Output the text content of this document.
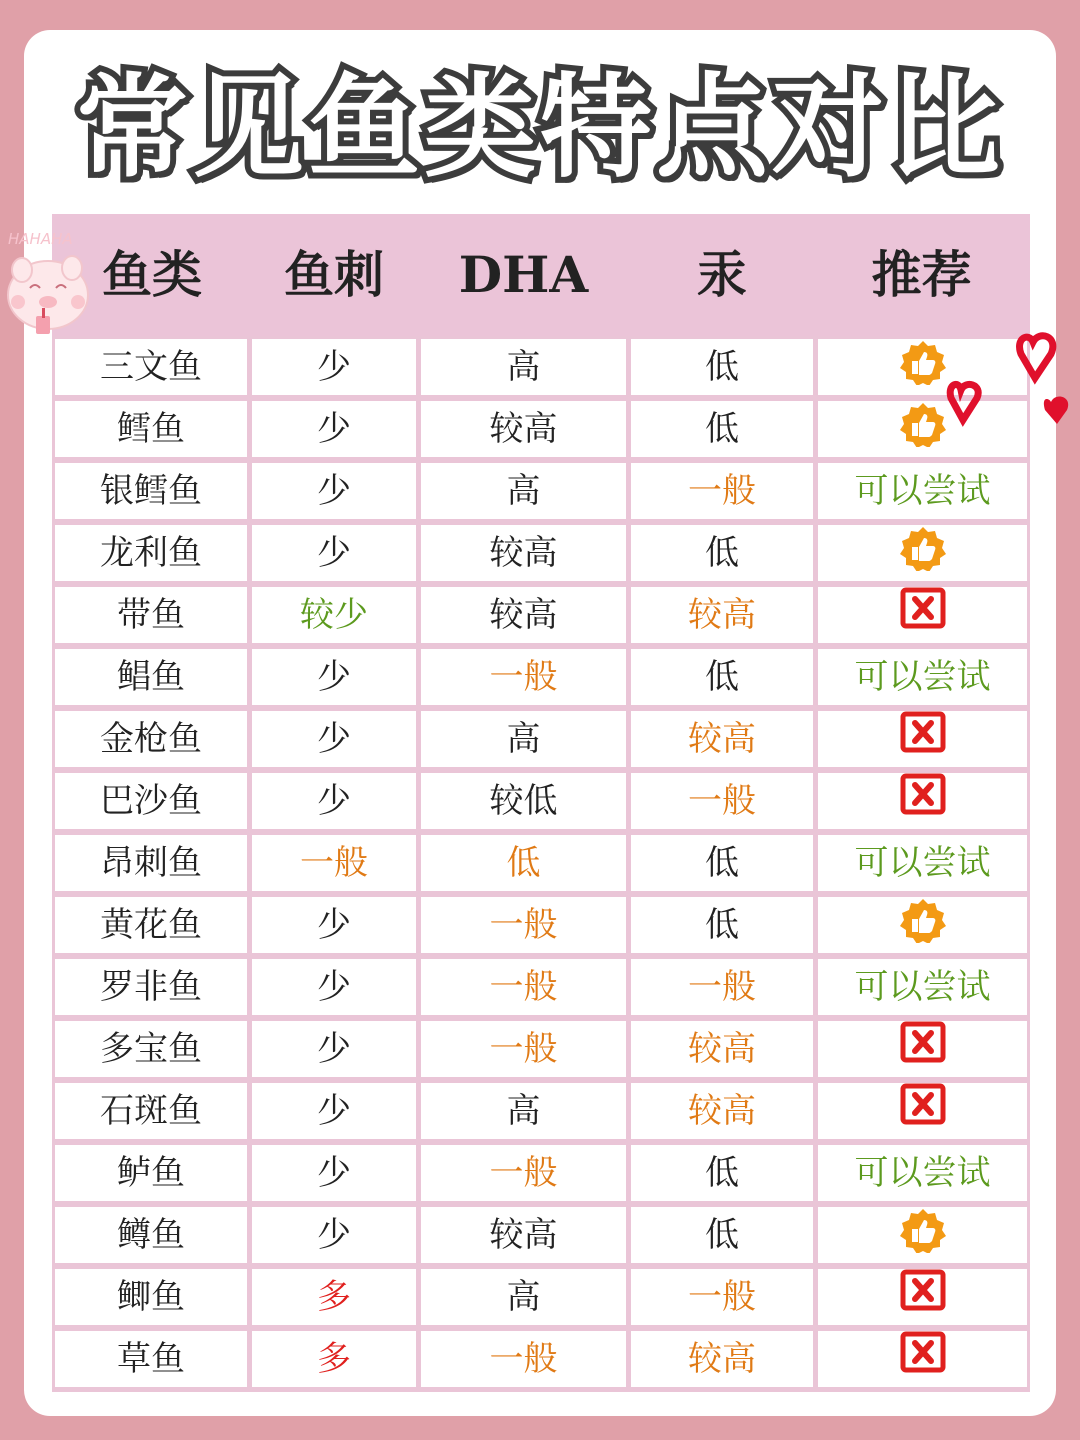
常见鱼类特点对比
鱼类	鱼刺	DHA	汞	推荐
三文鱼	少	高	低
鳕鱼	少	较高	低
银鳕鱼	少	高	一般	可以尝试
龙利鱼	少	较高	低
带鱼	较少	较高	较高
鲳鱼	少	一般	低	可以尝试
金枪鱼	少	高	较高
巴沙鱼	少	较低	一般
昂刺鱼	一般	低	低	可以尝试
黄花鱼	少	一般	低
罗非鱼	少	一般	一般	可以尝试
多宝鱼	少	一般	较高
石斑鱼	少	高	较高
鲈鱼	少	一般	低	可以尝试
鳟鱼	少	较高	低
鲫鱼	多	高	一般
草鱼	多	一般	较高
HAHAHA
